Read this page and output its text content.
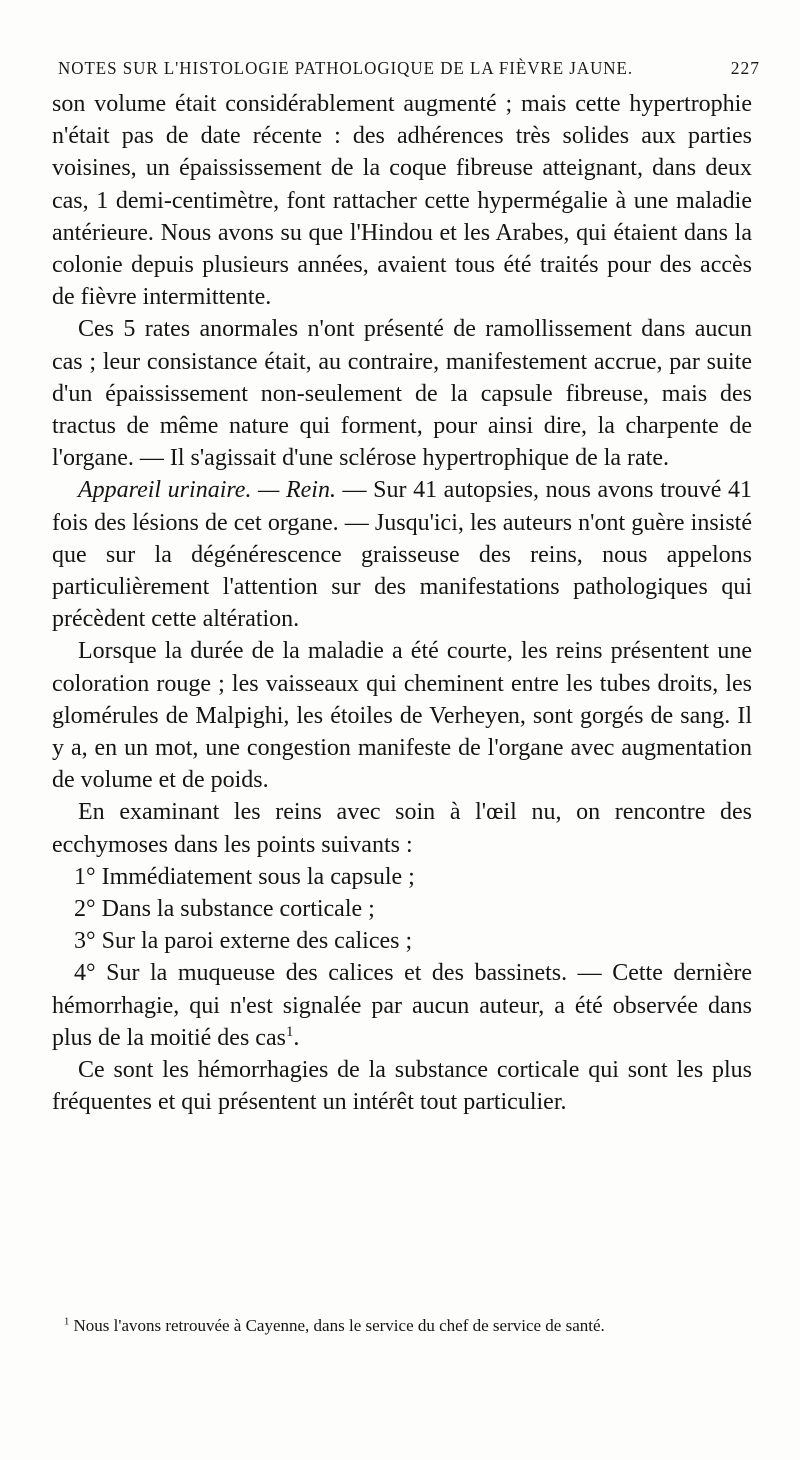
NOTES SUR L'HISTOLOGIE PATHOLOGIQUE DE LA FIÈVRE JAUNE.	227

son volume était considérablement augmenté ; mais cette hypertrophie n'était pas de date récente : des adhérences très solides aux parties voisines, un épaississement de la coque fibreuse atteignant, dans deux cas, 1 demi-centimètre, font rattacher cette hypermégalie à une maladie antérieure. Nous avons su que l'Hindou et les Arabes, qui étaient dans la colonie depuis plusieurs années, avaient tous été traités pour des accès de fièvre intermittente.

Ces 5 rates anormales n'ont présenté de ramollissement dans aucun cas ; leur consistance était, au contraire, manifestement accrue, par suite d'un épaississement non-seulement de la capsule fibreuse, mais des tractus de même nature qui forment, pour ainsi dire, la charpente de l'organe. — Il s'agissait d'une sclérose hypertrophique de la rate.

Appareil urinaire. — Rein. — Sur 41 autopsies, nous avons trouvé 41 fois des lésions de cet organe. — Jusqu'ici, les auteurs n'ont guère insisté que sur la dégénérescence graisseuse des reins, nous appelons particulièrement l'attention sur des manifestations pathologiques qui précèdent cette altération.

Lorsque la durée de la maladie a été courte, les reins présentent une coloration rouge ; les vaisseaux qui cheminent entre les tubes droits, les glomérules de Malpighi, les étoiles de Verheyen, sont gorgés de sang. Il y a, en un mot, une congestion manifeste de l'organe avec augmentation de volume et de poids.

En examinant les reins avec soin à l'œil nu, on rencontre des ecchymoses dans les points suivants :

1° Immédiatement sous la capsule ;

2° Dans la substance corticale ;

3° Sur la paroi externe des calices ;

4° Sur la muqueuse des calices et des bassinets. — Cette dernière hémorrhagie, qui n'est signalée par aucun auteur, a été observée dans plus de la moitié des cas$^1$.

Ce sont les hémorrhagies de la substance corticale qui sont les plus fréquentes et qui présentent un intérêt tout particulier.

$^1$ Nous l'avons retrouvée à Cayenne, dans le service du chef de service de santé.
